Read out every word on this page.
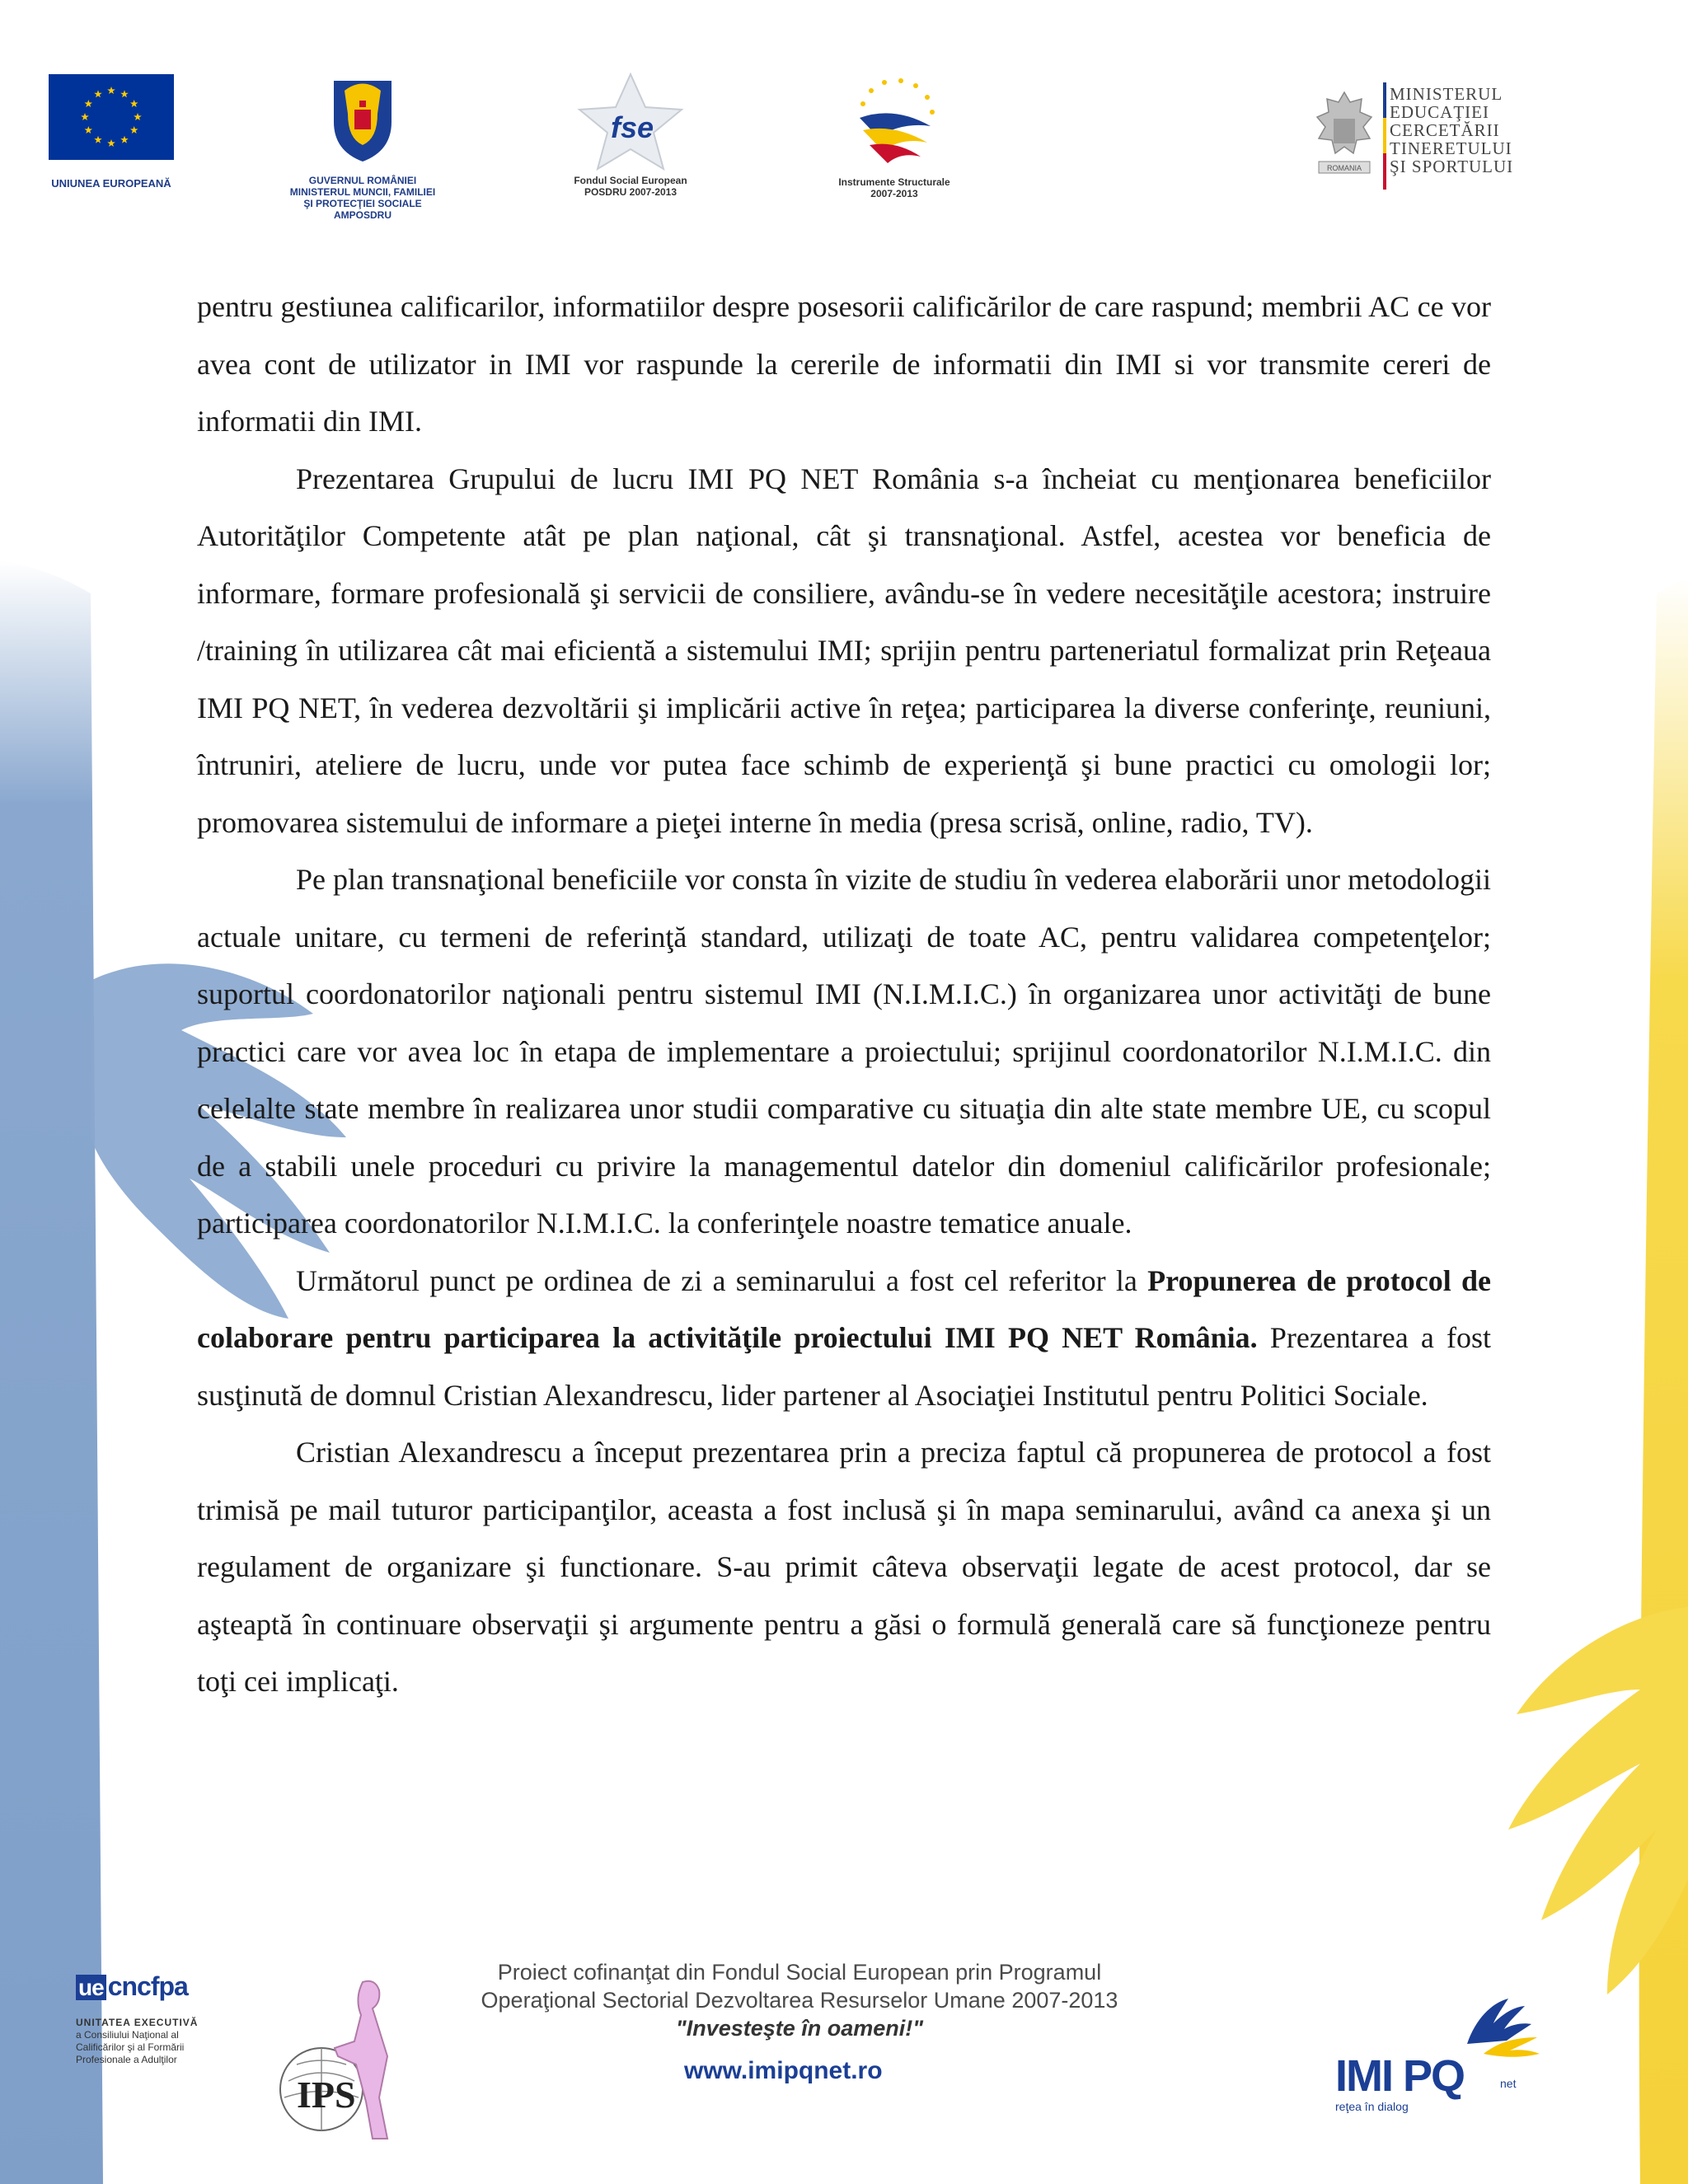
UNIUNEA EUROPEANĂ	GUVERNUL ROMÂNIEI
MINISTERUL MUNCII, FAMILIEI
ŞI PROTECŢIEI SOCIALE
AMPOSDRU
fse
Fondul Social European
POSDRU 2007-2013
Instrumente Structurale
2007-2013
ROMANIA
MINISTERUL
EDUCAŢIEI
CERCETĂRII
TINERETULUI
ŞI SPORTULUI

pentru gestiunea calificarilor, informatiilor despre posesorii calificărilor de care raspund; membrii AC ce vor avea cont de utilizator in IMI vor raspunde la cererile de informatii din IMI si vor transmite cereri de informatii din IMI.

Prezentarea Grupului de lucru IMI PQ NET România s-a încheiat cu menţionarea beneficiilor Autorităţilor Competente atât pe plan naţional, cât şi transnaţional. Astfel, acestea vor beneficia de informare, formare profesională şi servicii de consiliere, avându-se în vedere necesităţile acestora; instruire /training în utilizarea cât mai eficientă a sistemului IMI; sprijin pentru parteneriatul formalizat prin Reţeaua IMI PQ NET, în vederea dezvoltării şi implicării active în reţea; participarea la diverse conferinţe, reuniuni, întruniri, ateliere de lucru, unde vor putea face schimb de experienţă şi bune practici cu omologii lor; promovarea sistemului de informare a pieţei interne în media (presa scrisă, online, radio, TV).

Pe plan transnaţional beneficiile vor consta în vizite de studiu în vederea elaborării unor metodologii actuale unitare, cu termeni de referinţă standard, utilizaţi de toate AC, pentru validarea competenţelor; suportul coordonatorilor naţionali pentru sistemul IMI (N.I.M.I.C.) în organizarea unor activităţi de bune practici care vor avea loc în etapa de implementare a proiectului; sprijinul coordonatorilor N.I.M.I.C. din celelalte state membre în realizarea unor studii comparative cu situaţia din alte state membre UE, cu scopul de a stabili unele proceduri cu privire la managementul datelor din domeniul calificărilor profesionale; participarea coordonatorilor N.I.M.I.C. la conferinţele noastre tematice anuale.

Următorul punct pe ordinea de zi a seminarului a fost cel referitor la Propunerea de protocol de colaborare pentru participarea la activităţile proiectului IMI PQ NET România. Prezentarea a fost susţinută de domnul Cristian Alexandrescu, lider partener al Asociaţiei Institutul pentru Politici Sociale.

Cristian Alexandrescu a început prezentarea prin a preciza faptul că propunerea de protocol a fost trimisă pe mail tuturor participanţilor, aceasta a fost inclusă şi în mapa seminarului, având ca anexa şi un regulament de organizare şi functionare. S-au primit câteva observaţii legate de acest protocol, dar se aşteaptă în continuare observaţii şi argumente pentru a găsi o formulă generală care să funcţioneze pentru toţi cei implicaţi.

ue cncfpa
UNITATEA EXECUTIVĂ
a Consiliului Naţional al
Calificărilor şi al Formării
Profesionale a Adulţilor
IPS
Proiect cofinanţat din Fondul Social European prin Programul
Operaţional Sectorial Dezvoltarea Resurselor Umane 2007-2013
"Investeşte în oameni!"
www.imipqnet.ro	IMI PQ	net
reţea în dialog
